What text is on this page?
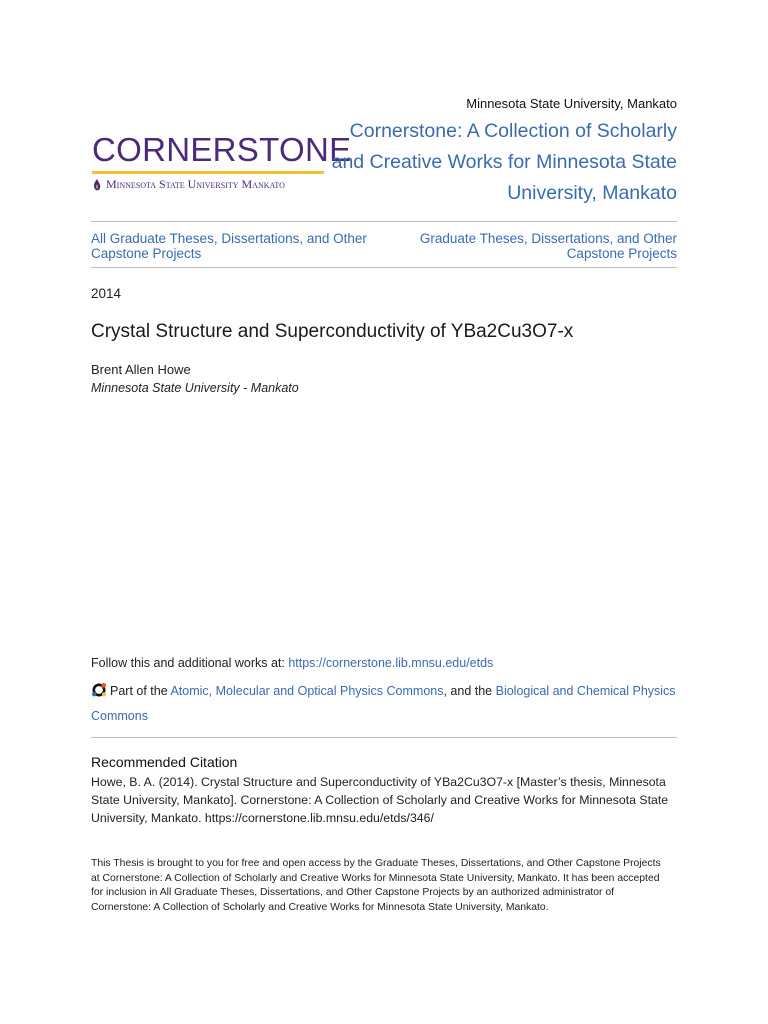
Minnesota State University, Mankato
CORNERSTONE
Minnesota State University Mankato
Cornerstone: A Collection of Scholarly and Creative Works for Minnesota State University, Mankato
All Graduate Theses, Dissertations, and Other Capstone Projects
Graduate Theses, Dissertations, and Other Capstone Projects
2014
Crystal Structure and Superconductivity of YBa2Cu3O7-x
Brent Allen Howe
Minnesota State University - Mankato
Follow this and additional works at: https://cornerstone.lib.mnsu.edu/etds
Part of the Atomic, Molecular and Optical Physics Commons, and the Biological and Chemical Physics Commons
Recommended Citation
Howe, B. A. (2014). Crystal Structure and Superconductivity of YBa2Cu3O7-x [Master’s thesis, Minnesota State University, Mankato]. Cornerstone: A Collection of Scholarly and Creative Works for Minnesota State University, Mankato. https://cornerstone.lib.mnsu.edu/etds/346/
This Thesis is brought to you for free and open access by the Graduate Theses, Dissertations, and Other Capstone Projects at Cornerstone: A Collection of Scholarly and Creative Works for Minnesota State University, Mankato. It has been accepted for inclusion in All Graduate Theses, Dissertations, and Other Capstone Projects by an authorized administrator of Cornerstone: A Collection of Scholarly and Creative Works for Minnesota State University, Mankato.
